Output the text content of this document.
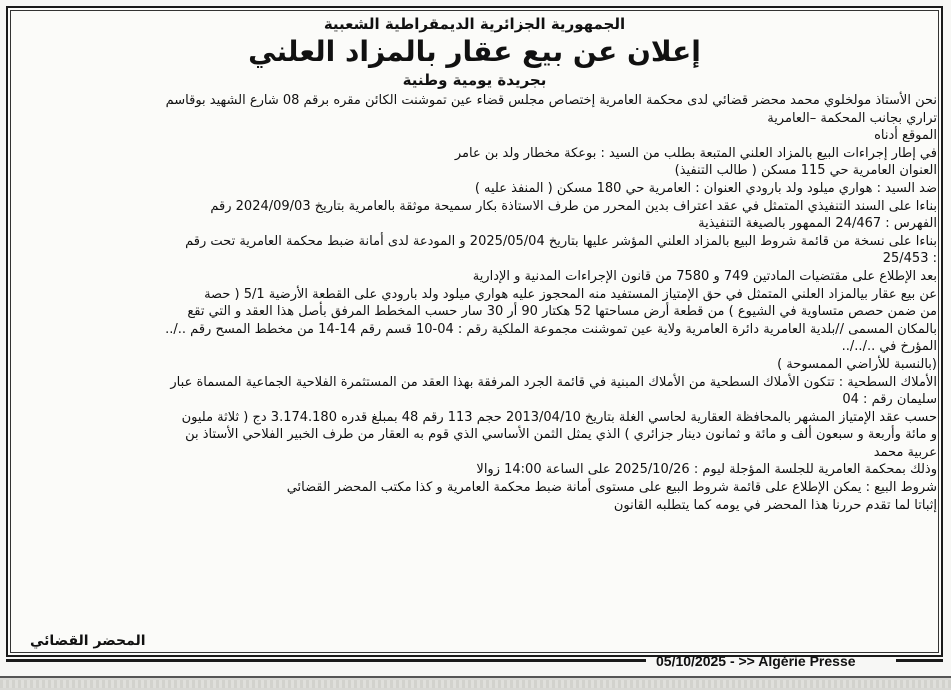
الجمهورية الجزائرية الديمقراطية الشعبية

إعلان عن بيع عقار بالمزاد العلني

بجريدة يومية وطنية

نحن الأستاذ مولخلوي محمد محضر قضائي لدى محكمة العامرية إختصاص مجلس قضاء عين تموشنت الكائن مقره برقم 08 شارع الشهيد بوقاسم

تراري بجانب المحكمة –العامرية

الموقع أدناه

في إطار إجراءات البيع بالمزاد العلني المتبعة بطلب من السيد : بوعكة مخطار ولد بن عامر

العنوان العامرية حي 115 مسكن ( طالب التنفيذ)

ضد السيد : هواري ميلود ولد بارودي العنوان : العامرية حي 180 مسكن ( المنفذ عليه )

بناءا على السند التنفيذي المتمثل في عقد اعتراف بدين المحرر من طرف الاستاذة بكار سميحة موثقة بالعامرية بتاريخ 2024/09/03 رقم

الفهرس : 24/467 الممهور بالصيغة التنفيذية

بناءا على نسخة من قائمة شروط البيع بالمزاد العلني المؤشر عليها بتاريخ 2025/05/04 و المودعة لدى أمانة ضبط محكمة العامرية تحت رقم

: 25/453

بعد الإطلاع على مقتضيات المادتين 749 و 7580 من قانون الإجراءات المدنية و الإدارية

عن بيع عقار بيالمزاد العلني المتمثل في حق الإمتياز المستفيد منه المحجوز عليه هواري ميلود ولد بارودي على القطعة الأرضية 5/1 ( حصة

من ضمن حصص متساوية في الشيوع ) من قطعة أرض مساحتها 52 هكتار 90 أر 30 سار حسب المخطط المرفق بأصل هذا العقد و التي تقع

بالمكان المسمى //بلدية العامرية دائرة العامرية ولاية عين تموشنت مجموعة الملكية رقم : 04-10 قسم رقم 14-14 من مخطط المسح رقم ../..

المؤرخ في ../../..

(بالنسبة للأراضي الممسوحة )

الأملاك السطحية : تتكون الأملاك السطحية من الأملاك المبنية في قائمة الجرد المرفقة بهذا العقد من المستثمرة الفلاحية الجماعية المسماة عبار

سليمان رقم : 04

حسب عقد الإمتياز المشهر بالمحافظة العقارية لحاسي الغلة بتاريخ 2013/04/10 حجم 113 رقم 48 بمبلغ قدره 3.174.180 دج ( ثلاثة مليون

و مائة وأربعة و سبعون ألف و مائة و ثمانون دينار جزائري ) الذي يمثل الثمن الأساسي الذي قوم به العقار من طرف الخبير الفلاحي الأستاذ بن

عربية محمد

وذلك بمحكمة العامرية للجلسة المؤجلة ليوم : 2025/10/26 على الساعة 14:00 زوالا

شروط البيع : يمكن الإطلاع على قائمة شروط البيع على مستوى أمانة ضبط محكمة العامرية و كذا مكتب المحضر القضائي

إثباتا لما تقدم حررنا هذا المحضر في يومه كما يتطلبه القانون

المحضر القضائي
05/10/2025 - >> Algérie Presse
